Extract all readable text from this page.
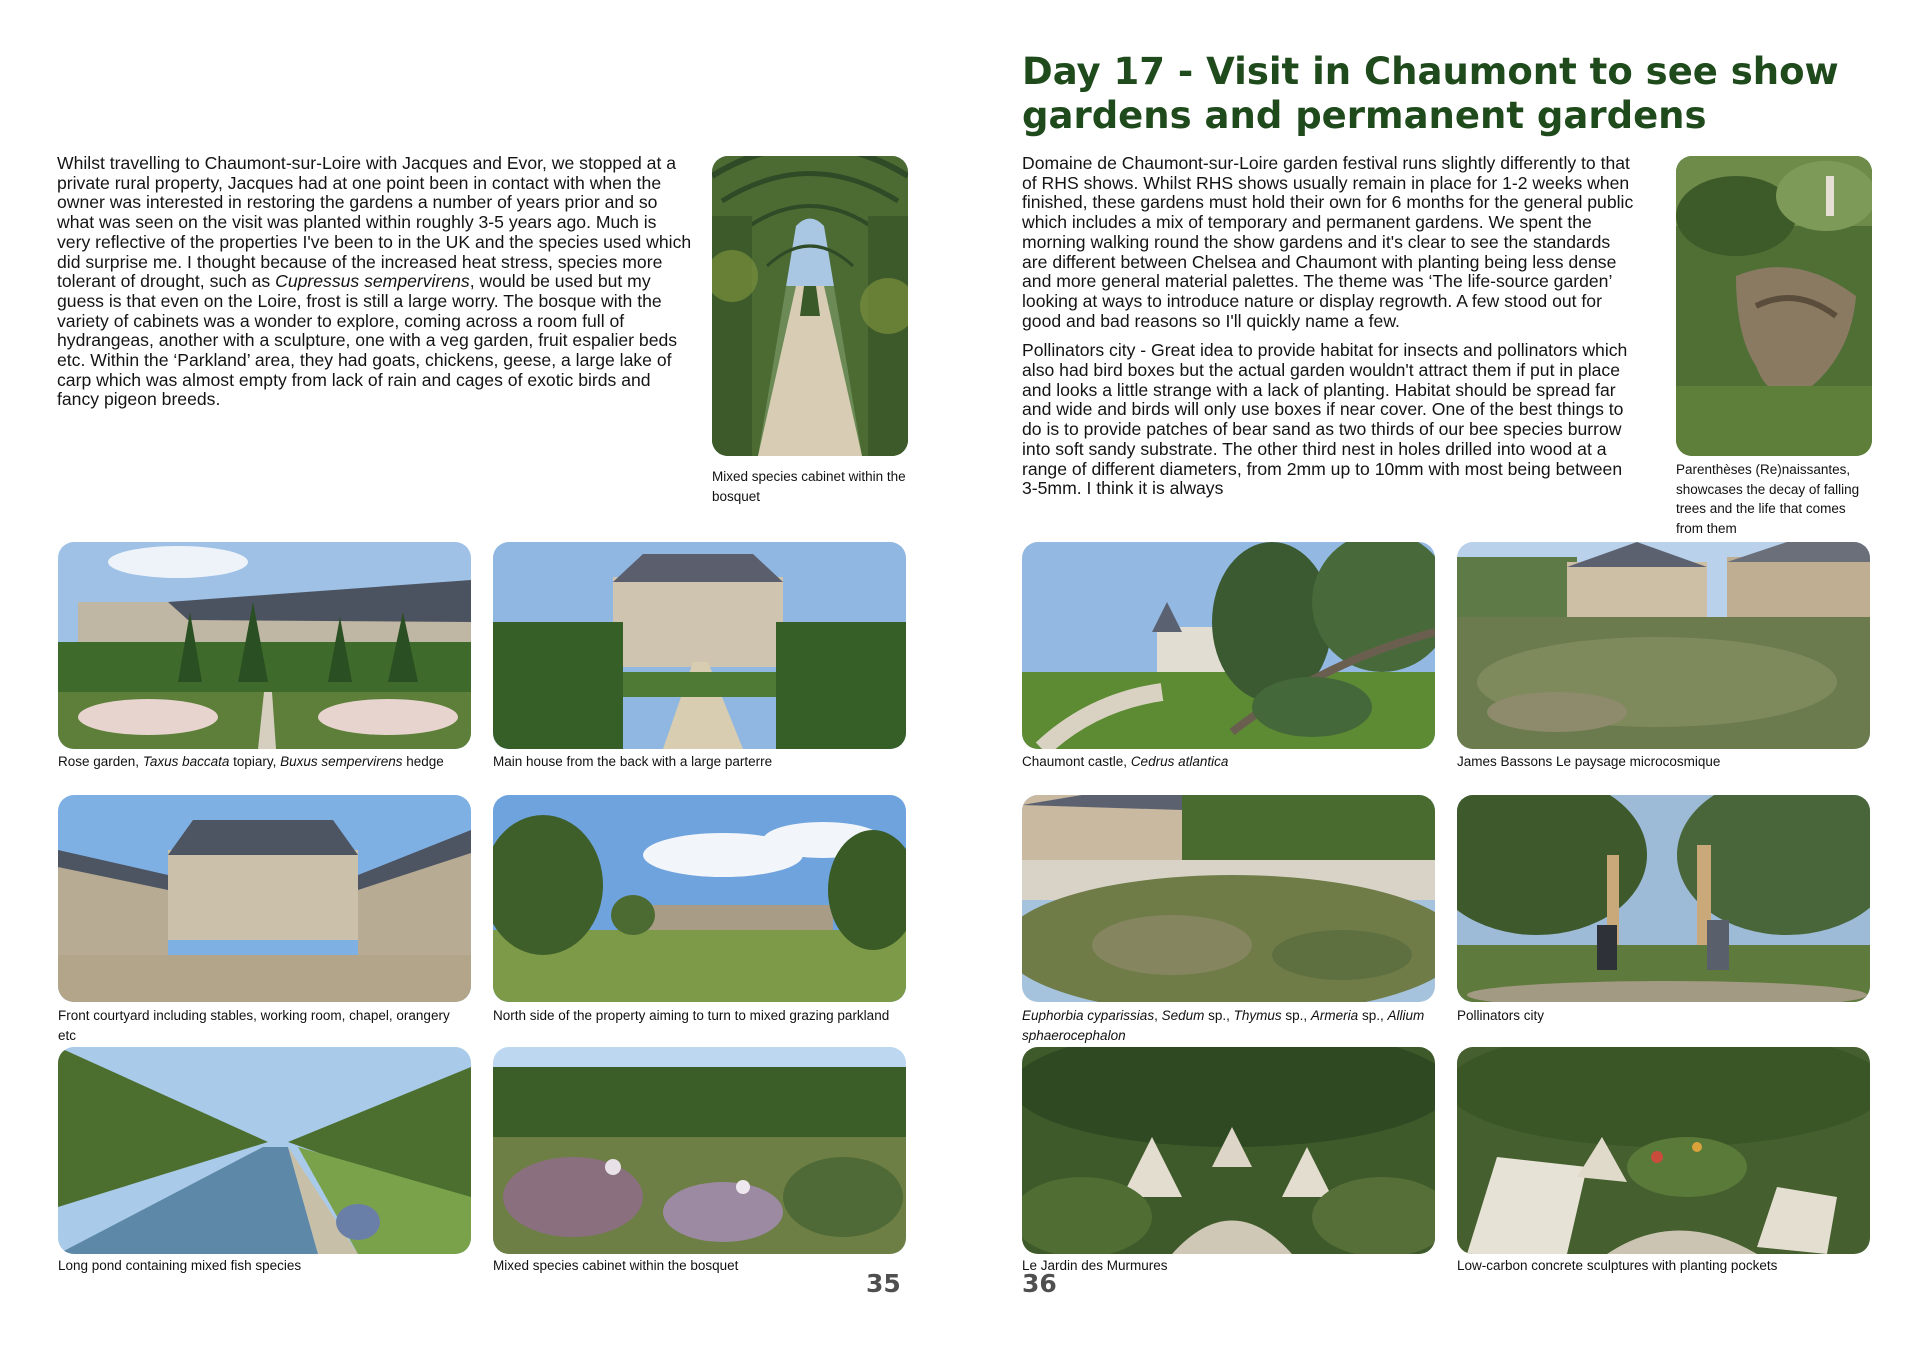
Whilst travelling to Chaumont-sur-Loire with Jacques and Evor, we stopped at a private rural property, Jacques had at one point been in contact with when the owner was interested in restoring the gardens a number of years prior and so what was seen on the visit was planted within roughly 3-5 years ago. Much is very reflective of the properties I've been to in the UK and the species used which did surprise me. I thought because of the increased heat stress, species more tolerant of drought, such as Cupressus sempervirens, would be used but my guess is that even on the Loire, frost is still a large worry. The bosque with the variety of cabinets was a wonder to explore, coming across a room full of hydrangeas, another with a sculpture, one with a veg garden, fruit espalier beds etc. Within the ‘Parkland’ area, they had goats, chickens, geese, a large lake of carp which was almost empty from lack of rain and cages of exotic birds and fancy pigeon breeds.

Mixed species cabinet within the bosquet
Rose garden, Taxus baccata topiary, Buxus sempervirens hedge	Main house from the back with a large parterre
Front courtyard including stables, working room, chapel, orangery etc
North side of the property aiming to turn to mixed grazing parkland
Long pond containing mixed fish species	Mixed species cabinet within the bosquet
35
Day 17 - Visit in Chaumont to see show gardens and permanent gardens

Domaine de Chaumont-sur-Loire garden festival runs slightly differently to that of RHS shows. Whilst RHS shows usually remain in place for 1-2 weeks when finished, these gardens must hold their own for 6 months for the general public which includes a mix of temporary and permanent gardens. We spent the morning walking round the show gardens and it's clear to see the standards are different between Chelsea and Chaumont with planting being less dense and more general material palettes. The theme was ‘The life-source garden’ looking at ways to introduce nature or display regrowth. A few stood out for good and bad reasons so I'll quickly name a few.

Pollinators city - Great idea to provide habitat for insects and pollinators which also had bird boxes but the actual garden wouldn't attract them if put in place and looks a little strange with a lack of planting. Habitat should be spread far and wide and birds will only use boxes if near cover. One of the best things to do is to provide patches of bear sand as two thirds of our bee species burrow into soft sandy substrate. The other third nest in holes drilled into wood at a range of different diameters, from 2mm up to 10mm with most being between 3-5mm. I think it is always

Parenthèses (Re)naissantes, showcases the decay of falling trees and the life that comes from them
Chaumont castle, Cedrus atlantica	James Bassons Le paysage microcosmique
Euphorbia cyparissias, Sedum sp., Thymus sp., Armeria sp., Allium sphaerocephalon
Pollinators city
Le Jardin des Murmures	Low-carbon concrete sculptures with planting pockets
36
